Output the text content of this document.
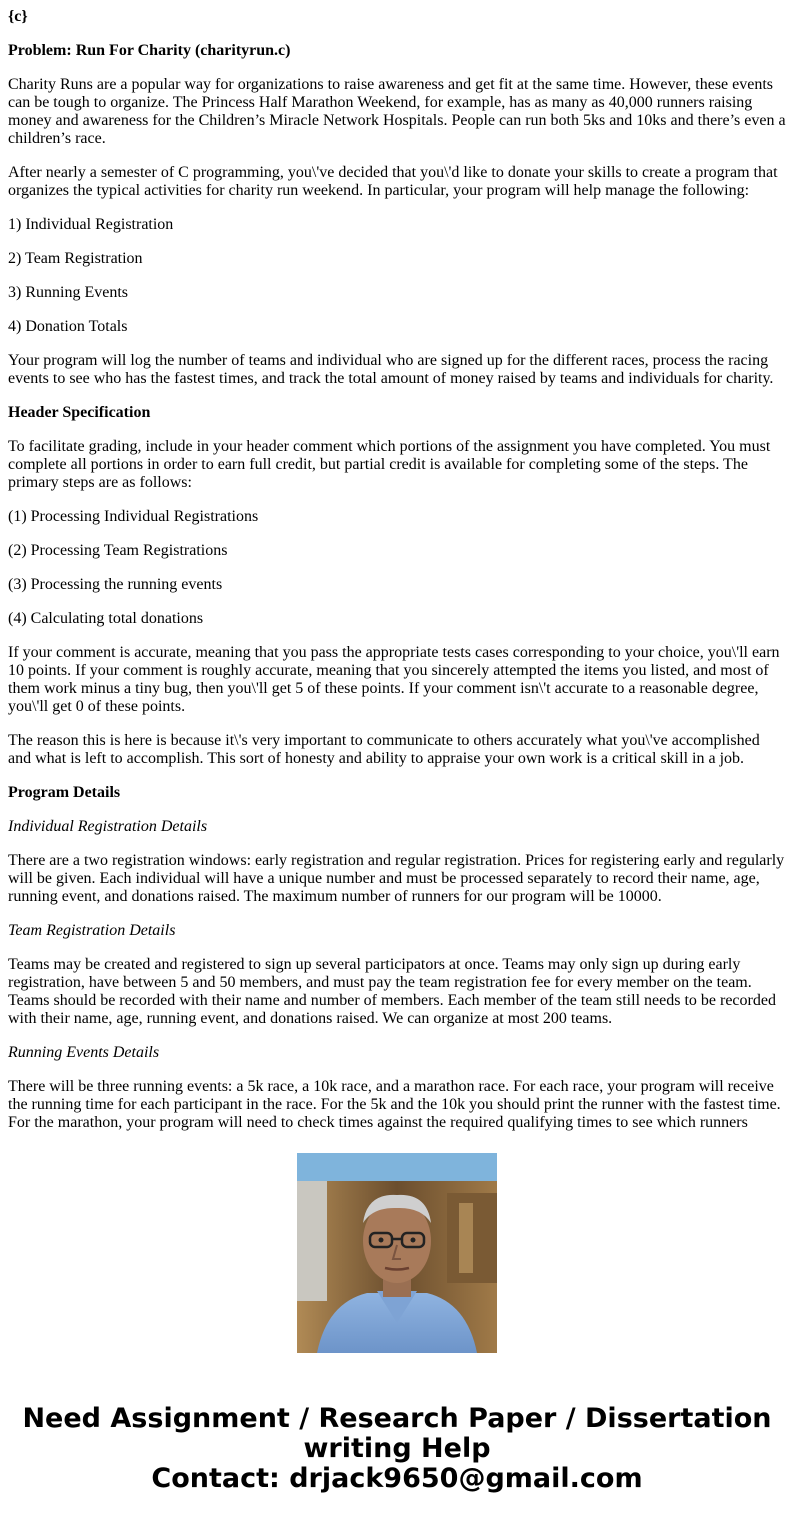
{c}

Problem: Run For Charity (charityrun.c)

Charity Runs are a popular way for organizations to raise awareness and get fit at the same time. However, these events can be tough to organize. The Princess Half Marathon Weekend, for example, has as many as 40,000 runners raising money and awareness for the Children’s Miracle Network Hospitals. People can run both 5ks and 10ks and there’s even a children’s race.

After nearly a semester of C programming, you\'ve decided that you\'d like to donate your skills to create a program that organizes the typical activities for charity run weekend. In particular, your program will help manage the following:

1) Individual Registration

2) Team Registration

3) Running Events

4) Donation Totals

Your program will log the number of teams and individual who are signed up for the different races, process the racing events to see who has the fastest times, and track the total amount of money raised by teams and individuals for charity.

Header Specification

To facilitate grading, include in your header comment which portions of the assignment you have completed. You must complete all portions in order to earn full credit, but partial credit is available for completing some of the steps. The primary steps are as follows:

(1) Processing Individual Registrations

(2) Processing Team Registrations

(3) Processing the running events

(4) Calculating total donations

If your comment is accurate, meaning that you pass the appropriate tests cases corresponding to your choice, you\'ll earn 10 points. If your comment is roughly accurate, meaning that you sincerely attempted the items you listed, and most of them work minus a tiny bug, then you\'ll get 5 of these points. If your comment isn\'t accurate to a reasonable degree, you\'ll get 0 of these points.

The reason this is here is because it\'s very important to communicate to others accurately what you\'ve accomplished and what is left to accomplish. This sort of honesty and ability to appraise your own work is a critical skill in a job.

Program Details

Individual Registration Details

There are a two registration windows: early registration and regular registration. Prices for registering early and regularly will be given. Each individual will have a unique number and must be processed separately to record their name, age, running event, and donations raised. The maximum number of runners for our program will be 10000.

Team Registration Details

Teams may be created and registered to sign up several participators at once. Teams may only sign up during early registration, have between 5 and 50 members, and must pay the team registration fee for every member on the team. Teams should be recorded with their name and number of members. Each member of the team still needs to be recorded with their name, age, running event, and donations raised. We can organize at most 200 teams.

Running Events Details

There will be three running events: a 5k race, a 10k race, and a marathon race. For each race, your program will receive the running time for each participant in the race. For the 5k and the 10k you should print the runner with the fastest time. For the marathon, your program will need to check times against the required qualifying times to see which runners

Need Assignment / Research Paper / Dissertation
writing Help
Contact: drjack9650@gmail.com
